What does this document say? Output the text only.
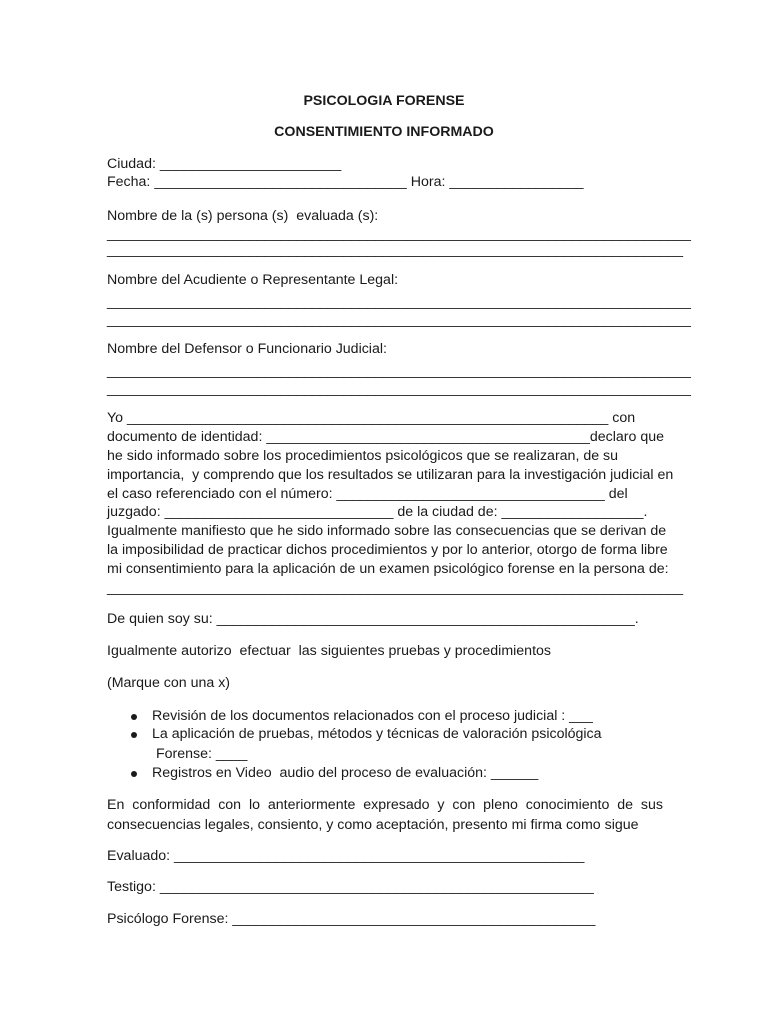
PSICOLOGIA FORENSE
CONSENTIMIENTO INFORMADO
Ciudad: _______________________
Fecha: ________________________________ Hora: _________________
Nombre de la (s) persona (s)  evaluada (s):
__________________________________________________________________________
_________________________________________________________________________
Nombre del Acudiente o Representante Legal:
__________________________________________________________________________
__________________________________________________________________________
Nombre del Defensor o Funcionario Judicial:
__________________________________________________________________________
__________________________________________________________________________
Yo _____________________________________________________________ con
documento de identidad: _________________________________________declaro que
he sido informado sobre los procedimientos psicológicos que se realizaran, de su
importancia,  y comprendo que los resultados se utilizaran para la investigación judicial en
el caso referenciado con el número: __________________________________ del
juzgado: _____________________________ de la ciudad de: __________________.
Igualmente manifiesto que he sido informado sobre las consecuencias que se derivan de
la imposibilidad de practicar dichos procedimientos y por lo anterior, otorgo de forma libre
mi consentimiento para la aplicación de un examen psicológico forense en la persona de:
_________________________________________________________________________
De quien soy su: _____________________________________________________.
Igualmente autorizo  efectuar  las siguientes pruebas y procedimientos
(Marque con una x)
Revisión de los documentos relacionados con el proceso judicial : ___
La aplicación de pruebas, métodos y técnicas de valoración psicológica
Forense: ____
Registros en Video  audio del proceso de evaluación: ______
En  conformidad  con  lo  anteriormente  expresado  y  con  pleno  conocimiento  de  sus
consecuencias legales, consiento, y como aceptación, presento mi firma como sigue
Evaluado: ____________________________________________________
Testigo: _______________________________________________________
Psicólogo Forense: ______________________________________________
